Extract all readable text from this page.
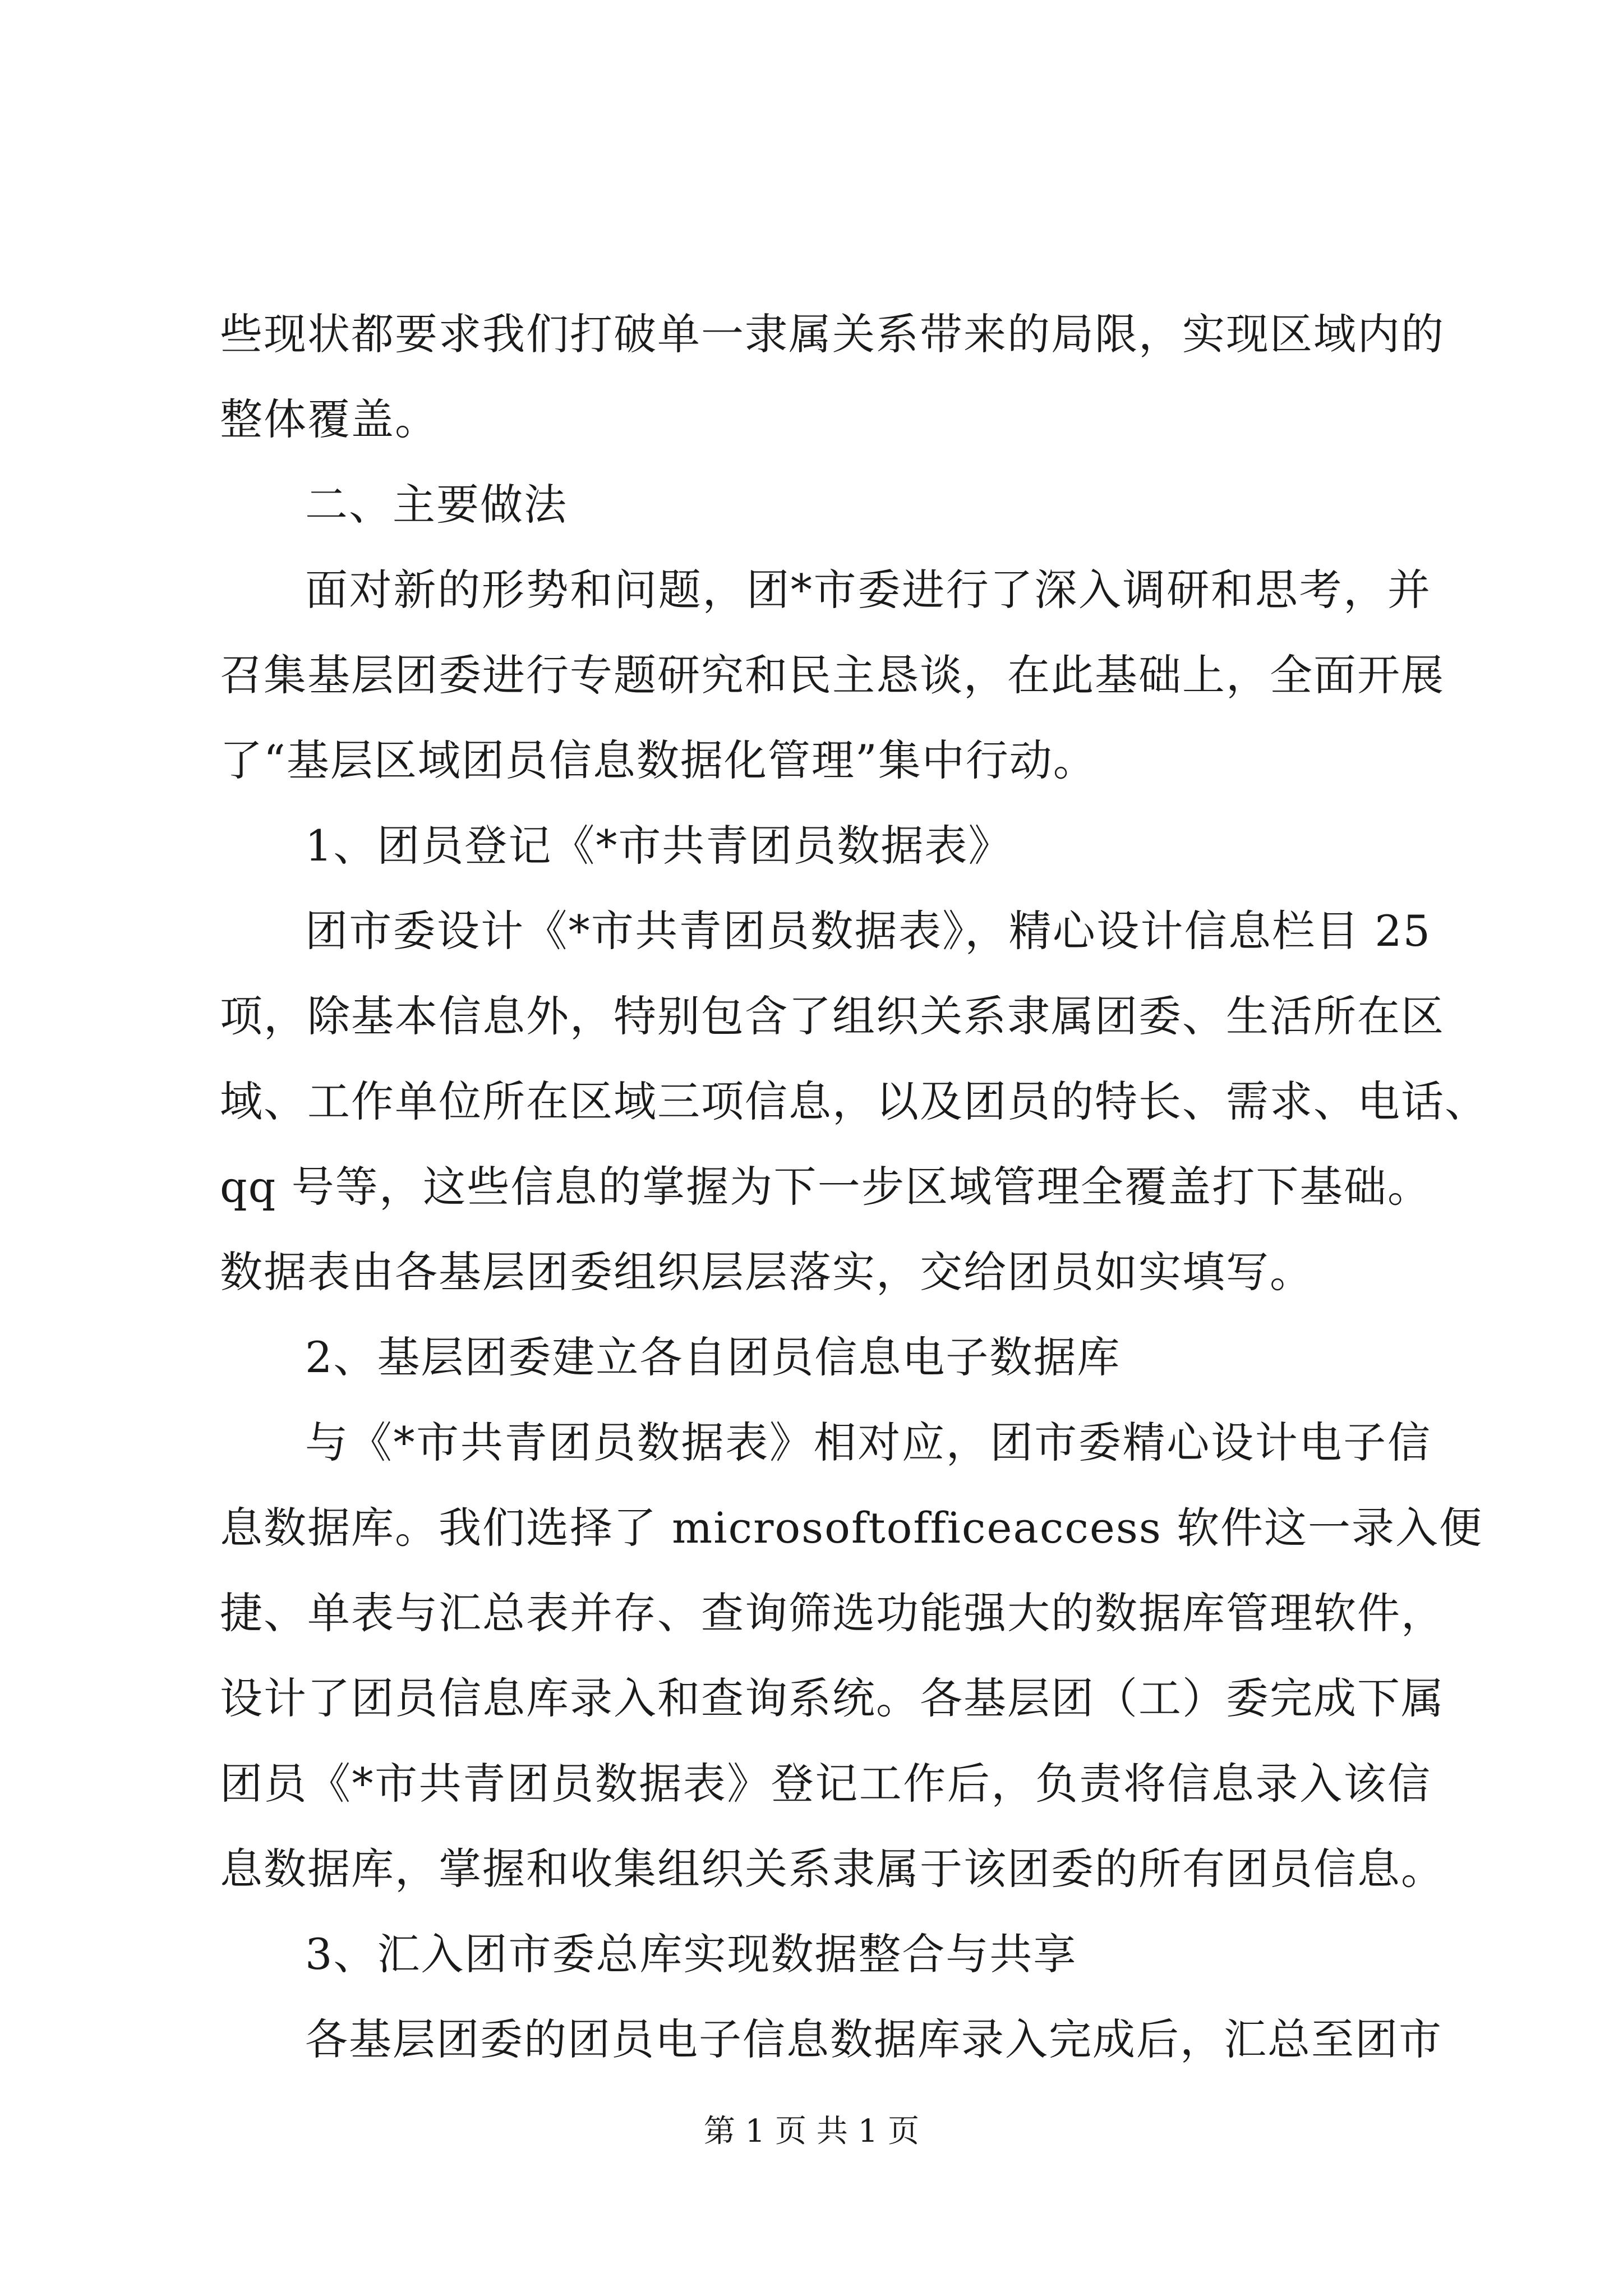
些现状都要求我们打破单一隶属关系带来的局限，实现区域内的
整体覆盖。
二、主要做法
面对新的形势和问题，团*市委进行了深入调研和思考，并
召集基层团委进行专题研究和民主恳谈，在此基础上，全面开展
了“基层区域团员信息数据化管理”集中行动。
1、团员登记《*市共青团员数据表》
团市委设计《*市共青团员数据表》，精心设计信息栏目 25
项，除基本信息外，特别包含了组织关系隶属团委、生活所在区
域、工作单位所在区域三项信息，以及团员的特长、需求、电话、
qq 号等，这些信息的掌握为下一步区域管理全覆盖打下基础。
数据表由各基层团委组织层层落实，交给团员如实填写。
2、基层团委建立各自团员信息电子数据库
与《*市共青团员数据表》相对应，团市委精心设计电子信
息数据库。我们选择了 microsoftofficeaccess 软件这一录入便
捷、单表与汇总表并存、查询筛选功能强大的数据库管理软件，
设计了团员信息库录入和查询系统。各基层团（工）委完成下属
团员《*市共青团员数据表》登记工作后，负责将信息录入该信
息数据库，掌握和收集组织关系隶属于该团委的所有团员信息。
3、汇入团市委总库实现数据整合与共享
各基层团委的团员电子信息数据库录入完成后，汇总至团市
第 1 页 共 1 页
